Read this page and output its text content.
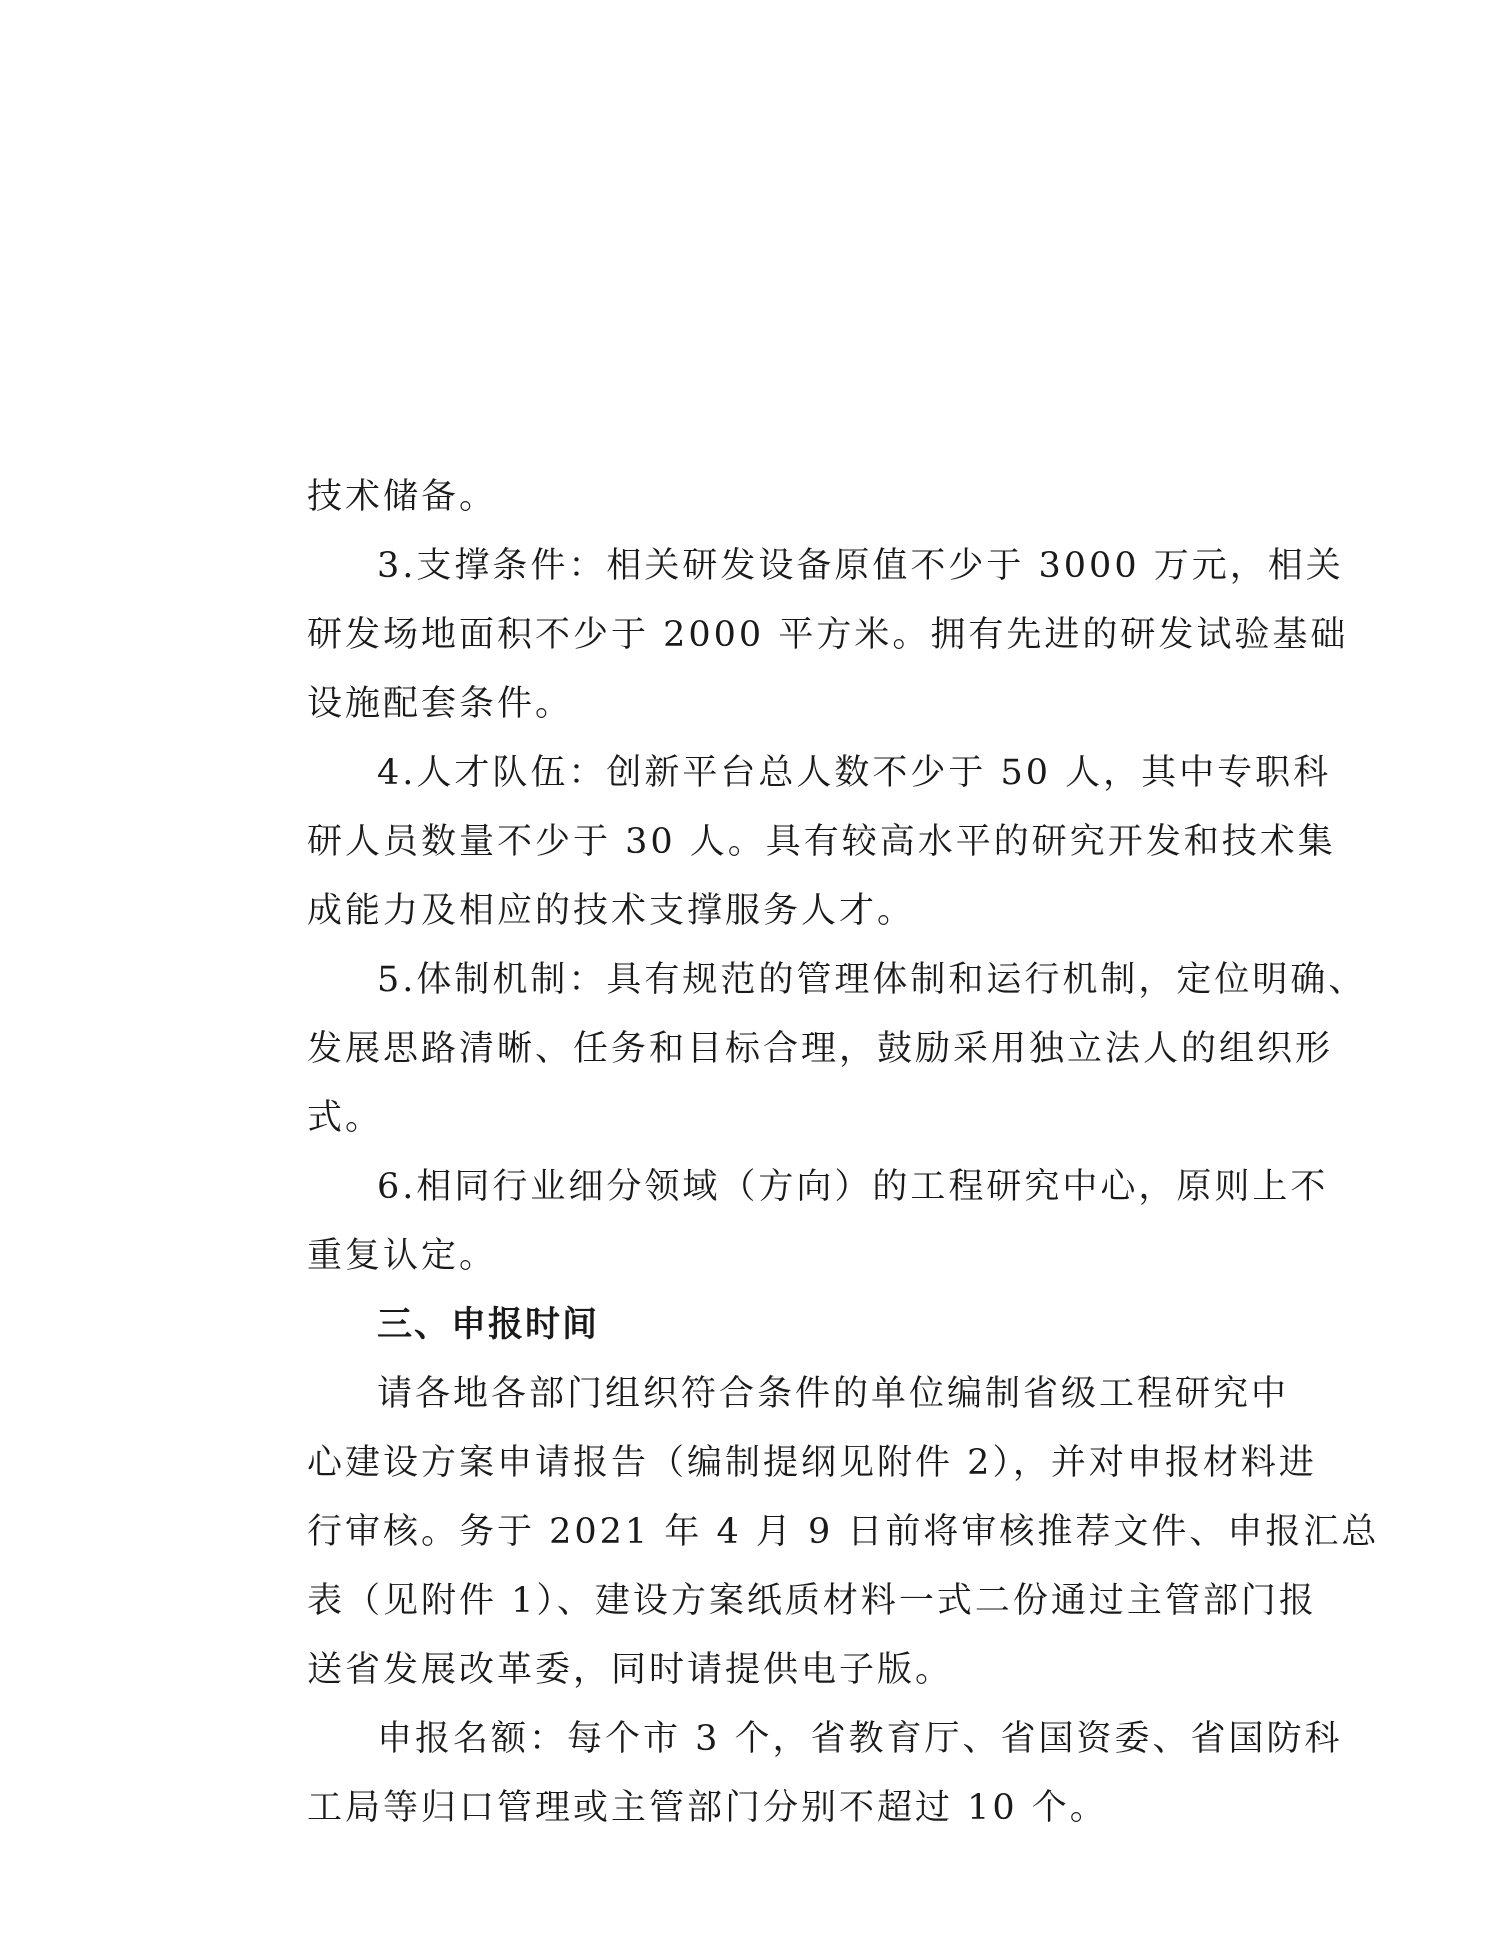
技术储备。
3.支撑条件：相关研发设备原值不少于 3000 万元，相关
研发场地面积不少于 2000 平方米。拥有先进的研发试验基础
设施配套条件。
4.人才队伍：创新平台总人数不少于 50 人，其中专职科
研人员数量不少于 30 人。具有较高水平的研究开发和技术集
成能力及相应的技术支撑服务人才。
5.体制机制：具有规范的管理体制和运行机制，定位明确、
发展思路清晰、任务和目标合理，鼓励采用独立法人的组织形
式。
6.相同行业细分领域（方向）的工程研究中心，原则上不
重复认定。
三、申报时间
请各地各部门组织符合条件的单位编制省级工程研究中
心建设方案申请报告（编制提纲见附件 2），并对申报材料进
行审核。务于 2021 年 4 月 9 日前将审核推荐文件、申报汇总
表（见附件 1）、建设方案纸质材料一式二份通过主管部门报
送省发展改革委，同时请提供电子版。
申报名额：每个市 3 个，省教育厅、省国资委、省国防科
工局等归口管理或主管部门分别不超过 10 个。
